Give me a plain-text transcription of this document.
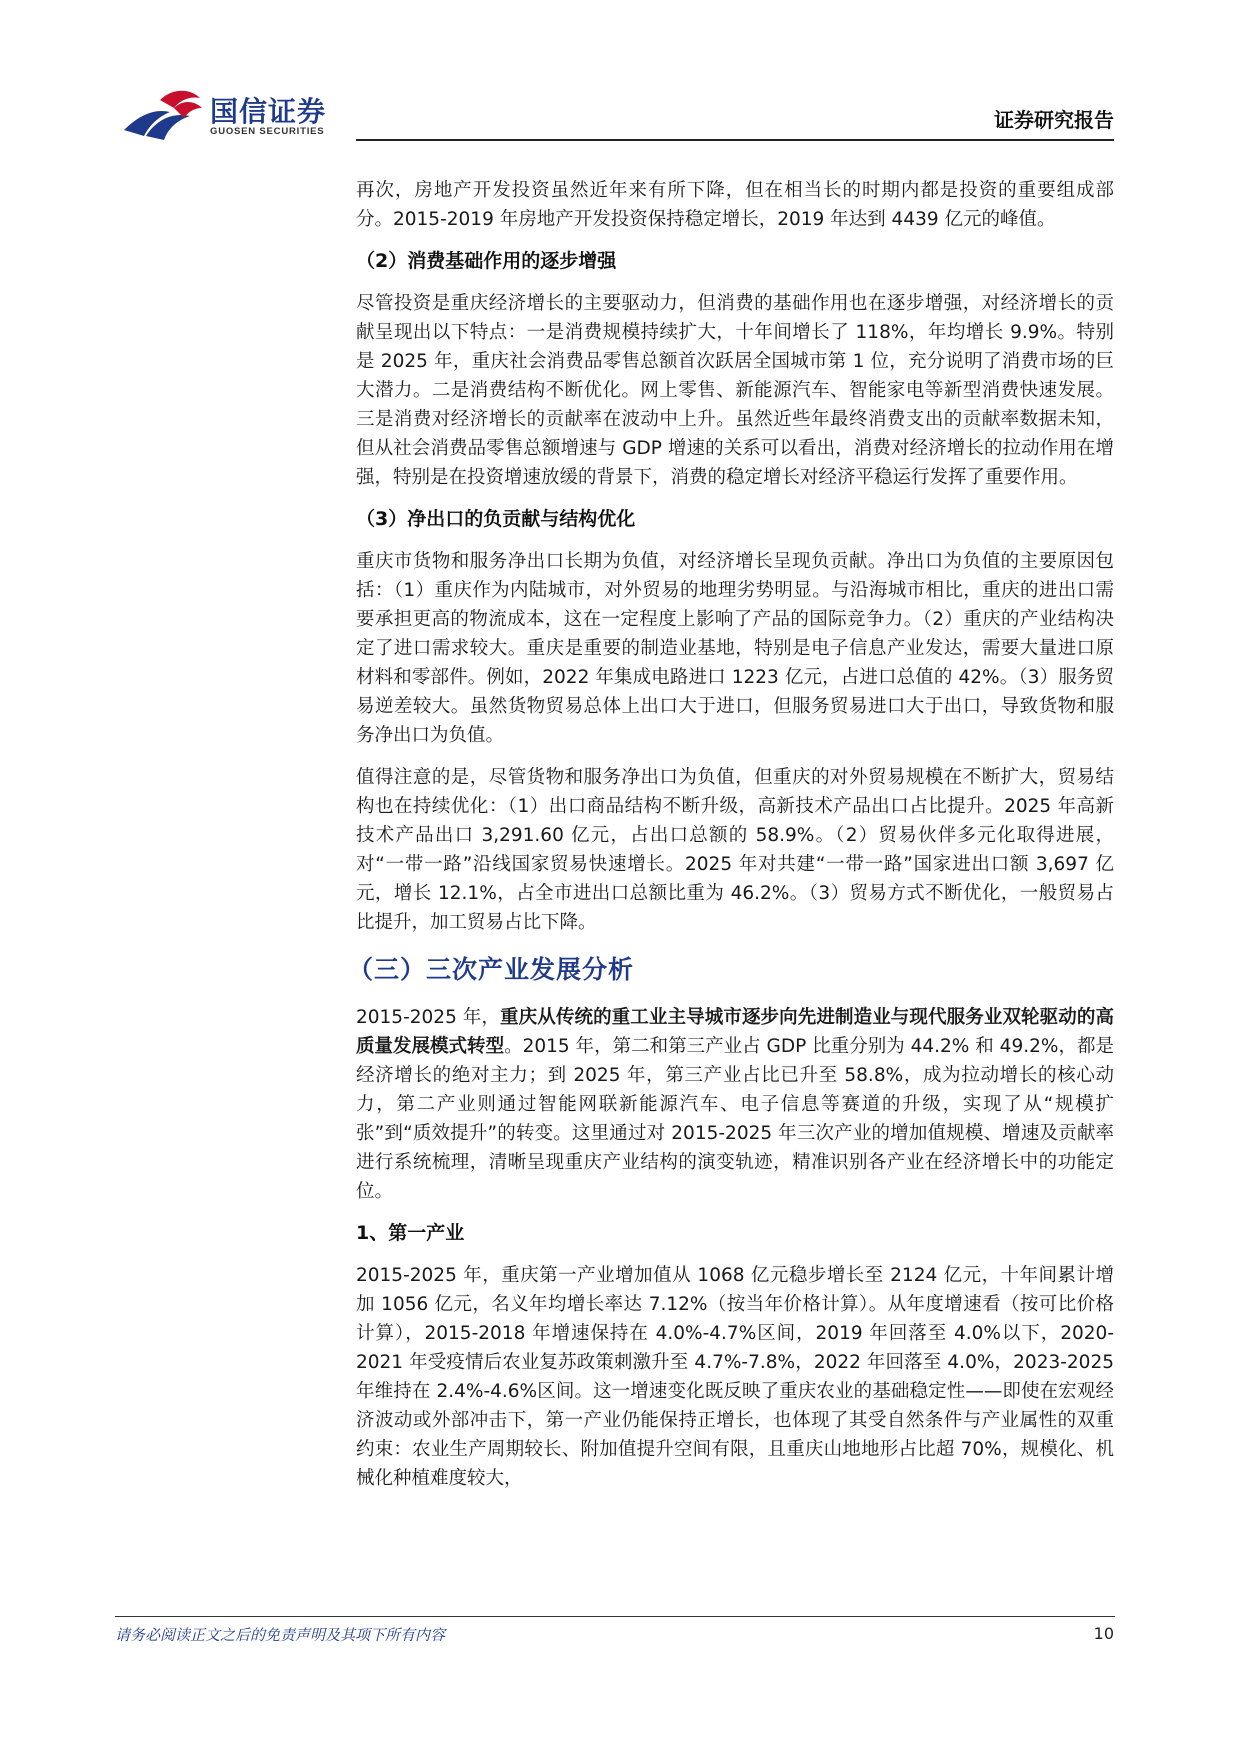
国信证券
GUOSEN SECURITIES	证券研究报告

再次，房地产开发投资虽然近年来有所下降，但在相当长的时期内都是投资的重要组成部分。2015-2019 年房地产开发投资保持稳定增长，2019 年达到 4439 亿元的峰值。

（2）消费基础作用的逐步增强

尽管投资是重庆经济增长的主要驱动力，但消费的基础作用也在逐步增强，对经济增长的贡献呈现出以下特点：一是消费规模持续扩大，十年间增长了 118%，年均增长 9.9%。特别是 2025 年，重庆社会消费品零售总额首次跃居全国城市第 1 位，充分说明了消费市场的巨大潜力。二是消费结构不断优化。网上零售、新能源汽车、智能家电等新型消费快速发展。三是消费对经济增长的贡献率在波动中上升。虽然近些年最终消费支出的贡献率数据未知，但从社会消费品零售总额增速与 GDP 增速的关系可以看出，消费对经济增长的拉动作用在增强，特别是在投资增速放缓的背景下，消费的稳定增长对经济平稳运行发挥了重要作用。

（3）净出口的负贡献与结构优化

重庆市货物和服务净出口长期为负值，对经济增长呈现负贡献。净出口为负值的主要原因包括：（1）重庆作为内陆城市，对外贸易的地理劣势明显。与沿海城市相比，重庆的进出口需要承担更高的物流成本，这在一定程度上影响了产品的国际竞争力。（2）重庆的产业结构决定了进口需求较大。重庆是重要的制造业基地，特别是电子信息产业发达，需要大量进口原材料和零部件。例如，2022 年集成电路进口 1223 亿元，占进口总值的 42%。（3）服务贸易逆差较大。虽然货物贸易总体上出口大于进口，但服务贸易进口大于出口，导致货物和服务净出口为负值。

值得注意的是，尽管货物和服务净出口为负值，但重庆的对外贸易规模在不断扩大，贸易结构也在持续优化：（1）出口商品结构不断升级，高新技术产品出口占比提升。2025 年高新技术产品出口 3,291.60 亿元，占出口总额的 58.9%。（2）贸易伙伴多元化取得进展，对“一带一路”沿线国家贸易快速增长。2025 年对共建“一带一路”国家进出口额 3,697 亿元，增长 12.1%，占全市进出口总额比重为 46.2%。（3）贸易方式不断优化，一般贸易占比提升，加工贸易占比下降。

（三）三次产业发展分析

2015-2025 年，重庆从传统的重工业主导城市逐步向先进制造业与现代服务业双轮驱动的高质量发展模式转型。2015 年，第二和第三产业占 GDP 比重分别为 44.2% 和 49.2%，都是经济增长的绝对主力；到 2025 年，第三产业占比已升至 58.8%，成为拉动增长的核心动力，第二产业则通过智能网联新能源汽车、电子信息等赛道的升级，实现了从“规模扩张”到“质效提升”的转变。这里通过对 2015-2025 年三次产业的增加值规模、增速及贡献率进行系统梳理，清晰呈现重庆产业结构的演变轨迹，精准识别各产业在经济增长中的功能定位。

1、第一产业

2015-2025 年，重庆第一产业增加值从 1068 亿元稳步增长至 2124 亿元，十年间累计增加 1056 亿元，名义年均增长率达 7.12%（按当年价格计算）。从年度增速看（按可比价格计算），2015-2018 年增速保持在 4.0%-4.7%区间，2019 年回落至 4.0%以下，2020-2021 年受疫情后农业复苏政策刺激升至 4.7%-7.8%，2022 年回落至 4.0%，2023-2025 年维持在 2.4%-4.6%区间。这一增速变化既反映了重庆农业的基础稳定性——即使在宏观经济波动或外部冲击下，第一产业仍能保持正增长，也体现了其受自然条件与产业属性的双重约束：农业生产周期较长、附加值提升空间有限，且重庆山地地形占比超 70%，规模化、机械化种植难度较大，

请务必阅读正文之后的免责声明及其项下所有内容	10
